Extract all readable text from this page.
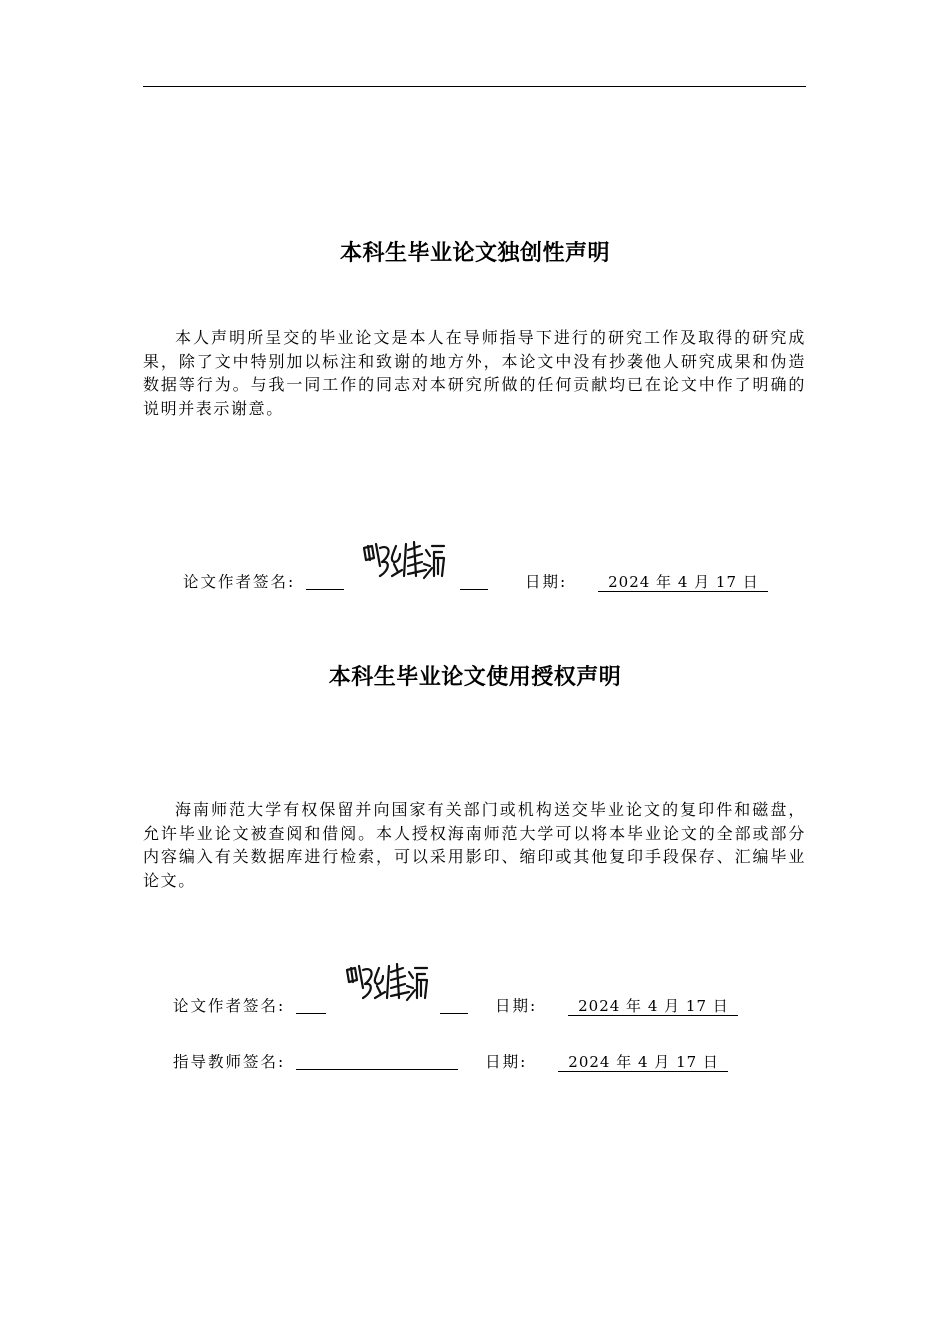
本科生毕业论文独创性声明
本人声明所呈交的毕业论文是本人在导师指导下进行的研究工作及取得的研究成果，除了文中特别加以标注和致谢的地方外，本论文中没有抄袭他人研究成果和伪造数据等行为。与我一同工作的同志对本研究所做的任何贡献均已在论文中作了明确的说明并表示谢意。
论文作者签名:	日期:	2024 年 4 月 17 日
本科生毕业论文使用授权声明
海南师范大学有权保留并向国家有关部门或机构送交毕业论文的复印件和磁盘，允许毕业论文被查阅和借阅。本人授权海南师范大学可以将本毕业论文的全部或部分内容编入有关数据库进行检索，可以采用影印、缩印或其他复印手段保存、汇编毕业论文。
论文作者签名:	日期:	2024 年 4 月 17 日
指导教师签名:	日期:	2024 年 4 月 17 日
